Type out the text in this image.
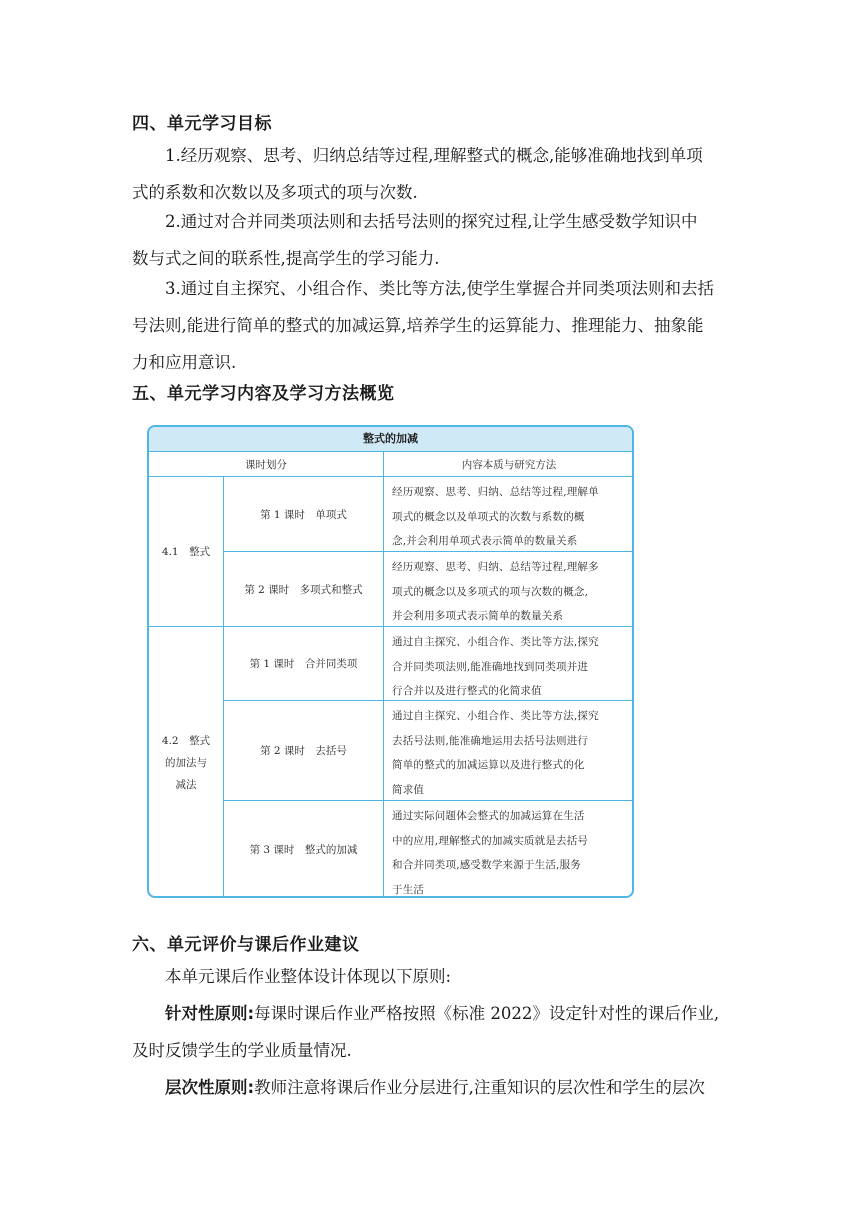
四、单元学习目标
1.经历观察、思考、归纳总结等过程,理解整式的概念,能够准确地找到单项
式的系数和次数以及多项式的项与次数.
2.通过对合并同类项法则和去括号法则的探究过程,让学生感受数学知识中
数与式之间的联系性,提高学生的学习能力.
3.通过自主探究、小组合作、类比等方法,使学生掌握合并同类项法则和去括
号法则,能进行简单的整式的加减运算,培养学生的运算能力、推理能力、抽象能
力和应用意识.
五、单元学习内容及学习方法概览
整式的加减
课时划分	内容本质与研究方法
4.1　整式
4.2　整式
的加法与
减法
第 1 课时　单项式
经历观察、思考、归纳、总结等过程,理解单
项式的概念以及单项式的次数与系数的概
念,并会利用单项式表示简单的数量关系
第 2 课时　多项式和整式
经历观察、思考、归纳、总结等过程,理解多
项式的概念以及多项式的项与次数的概念,
并会利用多项式表示简单的数量关系
第 1 课时　合并同类项
通过自主探究、小组合作、类比等方法,探究
合并同类项法则,能准确地找到同类项并进
行合并以及进行整式的化简求值
第 2 课时　去括号
通过自主探究、小组合作、类比等方法,探究
去括号法则,能准确地运用去括号法则进行
简单的整式的加减运算以及进行整式的化
简求值
第 3 课时　整式的加减
通过实际问题体会整式的加减运算在生活
中的应用,理解整式的加减实质就是去括号
和合并同类项,感受数学来源于生活,服务
于生活
六、单元评价与课后作业建议
本单元课后作业整体设计体现以下原则:
针对性原则:每课时课后作业严格按照《标准 2022》设定针对性的课后作业,
及时反馈学生的学业质量情况.
层次性原则:教师注意将课后作业分层进行,注重知识的层次性和学生的层次
